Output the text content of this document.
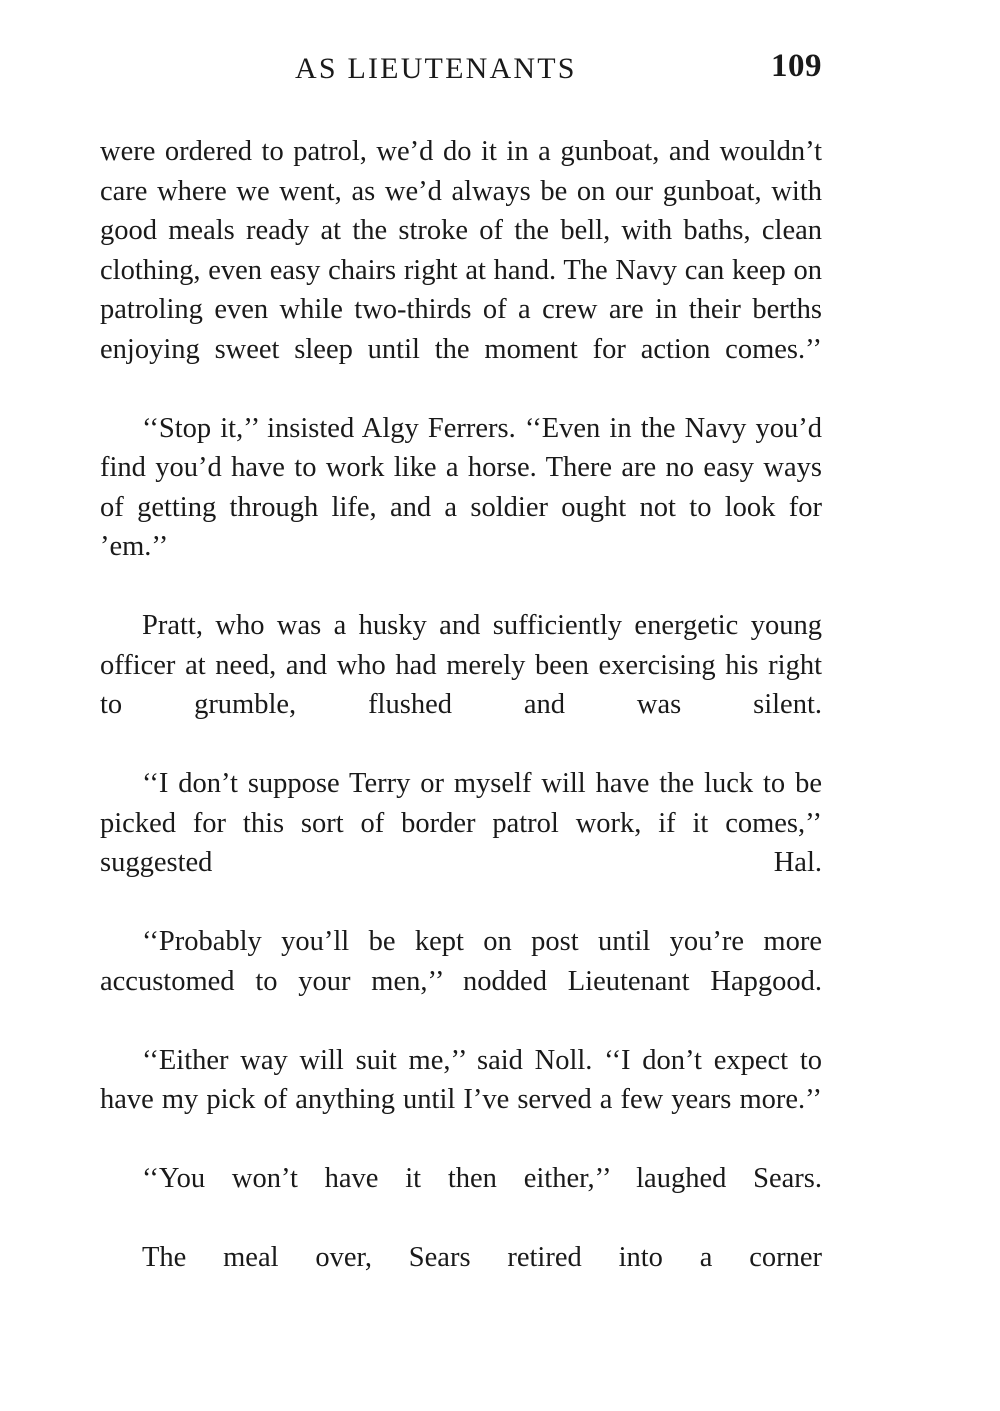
AS LIEUTENANTS	109

were ordered to patrol, we’d do it in a gunboat, and wouldn’t care where we went, as we’d always be on our gunboat, with good meals ready at the stroke of the bell, with baths, clean clothing, even easy chairs right at hand. The Navy can keep on patroling even while two-thirds of a crew are in their berths enjoying sweet sleep until the moment for action comes.’’

‘‘Stop it,’’ insisted Algy Ferrers. ‘‘Even in the Navy you’d find you’d have to work like a horse. There are no easy ways of getting through life, and a soldier ought not to look for ’em.’’

Pratt, who was a husky and sufficiently energetic young officer at need, and who had merely been exercising his right to grumble, flushed and was silent.

‘‘I don’t suppose Terry or myself will have the luck to be picked for this sort of border patrol work, if it comes,’’ suggested Hal.

‘‘Probably you’ll be kept on post until you’re more accustomed to your men,’’ nodded Lieutenant Hapgood.

‘‘Either way will suit me,’’ said Noll. ‘‘I don’t expect to have my pick of anything until I’ve served a few years more.’’

‘‘You won’t have it then either,’’ laughed Sears.

The meal over, Sears retired into a corner
